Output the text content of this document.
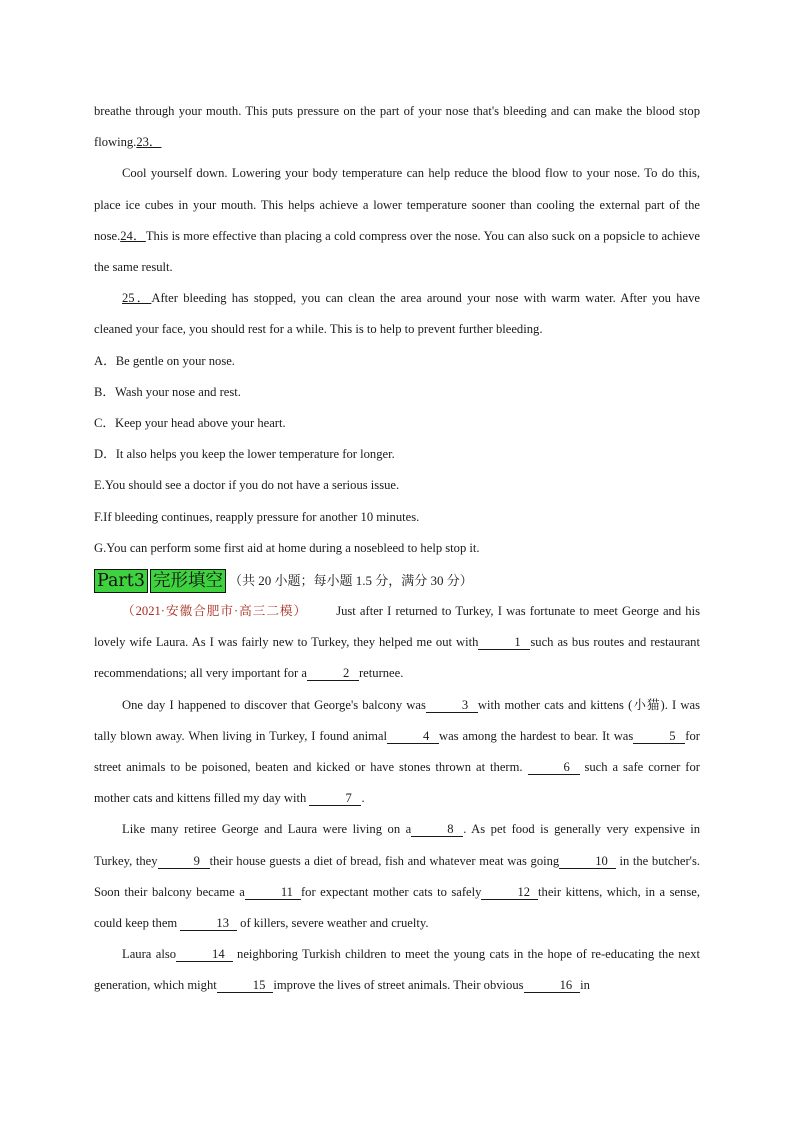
breathe through your mouth. This puts pressure on the part of your nose that's bleeding and can make the blood stop flowing.23．

Cool yourself down. Lowering your body temperature can help reduce the blood flow to your nose. To do this, place ice cubes in your mouth. This helps achieve a lower temperature sooner than cooling the external part of the nose.24．This is more effective than placing a cold compress over the nose. You can also suck on a popsicle to achieve the same result.

25．After bleeding has stopped, you can clean the area around your nose with warm water. After you have cleaned your face, you should rest for a while. This is to help to prevent further bleeding.

A．Be gentle on your nose.

B．Wash your nose and rest.

C．Keep your head above your heart.

D．It also helps you keep the lower temperature for longer.

E.You should see a doctor if you do not have a serious issue.

F.If bleeding continues, reapply pressure for another 10 minutes.

G.You can perform some first aid at home during a nosebleed to help stop it.

Part3 完形填空 （共 20 小题；每小题 1.5 分，满分 30 分）

（2021·安徽合肥市·高三二模） Just after I returned to Turkey, I was fortunate to meet George and his lovely wife Laura. As I was fairly new to Turkey, they helped me out with	1 such as bus routes and restaurant recommendations; all very important for a	2 returnee.

One day I happened to discover that George's balcony was	3 with mother cats and kittens (小猫). I was tally blown away. When living in Turkey, I found animal	4 was among the hardest to bear. It was	5 for street animals to be poisoned, beaten and kicked or have stones thrown at therm.	6 such a safe corner for mother cats and kittens filled my day with	7 .

Like many retiree George and Laura were living on a	8 . As pet food is generally very expensive in Turkey, they	9 their house guests a diet of bread, fish and whatever meat was going	10 in the butcher's. Soon their balcony became a	11 for expectant mother cats to safely	12 their kittens, which, in a sense, could keep them	13 of killers, severe weather and cruelty.

Laura also	14 neighboring Turkish children to meet the young cats in the hope of re-educating the next generation, which might	15 improve the lives of street animals. Their obvious	16 in
